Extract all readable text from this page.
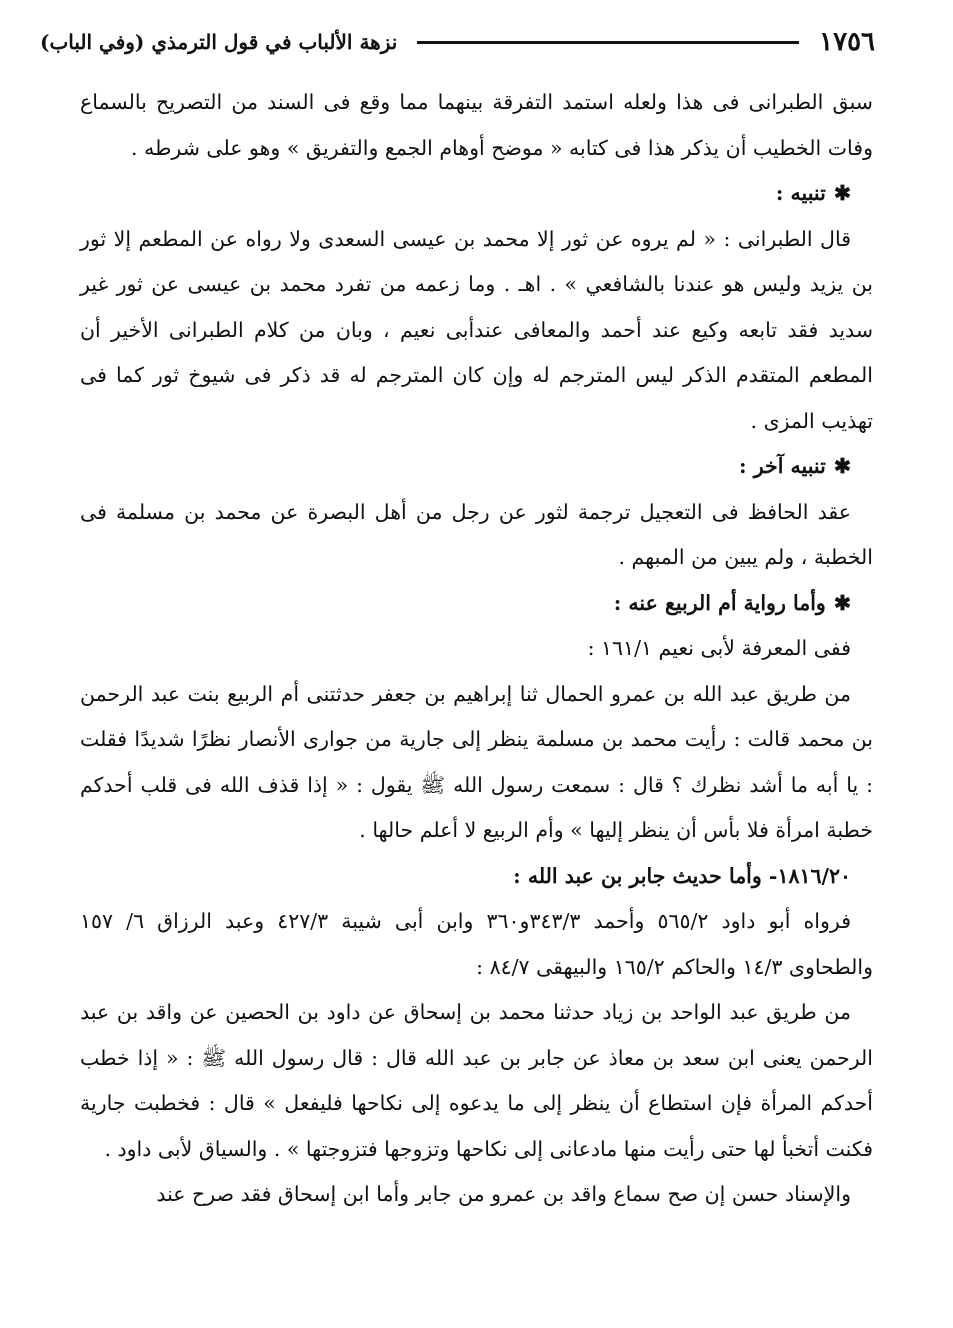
١٧٥٦
نزهة الألباب في قول الترمذي (وفي الباب)

سبق الطبرانى فى هذا ولعله استمد التفرقة بينهما مما وقع فى السند من التصريح بالسماع وفات الخطيب أن يذكر هذا فى كتابه « موضح أوهام الجمع والتفريق » وهو على شرطه .

✱تنبيه :

قال الطبرانى : « لم يروه عن ثور إلا محمد بن عيسى السعدى ولا رواه عن المطعم إلا ثور بن يزيد وليس هو عندنا بالشافعي » . اهـ . وما زعمه من تفرد محمد بن عيسى عن ثور غير سديد فقد تابعه وكيع عند أحمد والمعافى عندأبى نعيم ، وبان من كلام الطبرانى الأخير أن المطعم المتقدم الذكر ليس المترجم له وإن كان المترجم له قد ذكر فى شيوخ ثور كما فى تهذيب المزى .

✱تنبيه آخر :

عقد الحافظ فى التعجيل ترجمة لثور عن رجل من أهل البصرة عن محمد بن مسلمة فى الخطبة ، ولم يبين من المبهم .

✱وأما رواية أم الربيع عنه :

ففى المعرفة لأبى نعيم ١٦١/١ :

من طريق عبد الله بن عمرو الحمال ثنا إبراهيم بن جعفر حدثتنى أم الربيع بنت عبد الرحمن بن محمد قالت : رأيت محمد بن مسلمة ينظر إلى جارية من جوارى الأنصار نظرًا شديدًا فقلت : يا أبه ما أشد نظرك ؟ قال : سمعت رسول الله ﷺ يقول : « إذا قذف الله فى قلب أحدكم خطبة امرأة فلا بأس أن ينظر إليها » وأم الربيع لا أعلم حالها .

١٨١٦/٢٠- وأما حديث جابر بن عبد الله :

فرواه أبو داود ٥٦٥/٢ وأحمد ٣٤٣/٣و٣٦٠ وابن أبى شيبة ٤٢٧/٣ وعبد الرزاق ٦/ ١٥٧ والطحاوى ١٤/٣ والحاكم ١٦٥/٢ والبيهقى ٨٤/٧ :

من طريق عبد الواحد بن زياد حدثنا محمد بن إسحاق عن داود بن الحصين عن واقد بن عبد الرحمن يعنى ابن سعد بن معاذ عن جابر بن عبد الله قال : قال رسول الله ﷺ : « إذا خطب أحدكم المرأة فإن استطاع أن ينظر إلى ما يدعوه إلى نكاحها فليفعل » قال : فخطبت جارية فكنت أتخبأ لها حتى رأيت منها مادعانى إلى نكاحها وتزوجها فتزوجتها » . والسياق لأبى داود .

والإسناد حسن إن صح سماع واقد بن عمرو من جابر وأما ابن إسحاق فقد صرح عند
